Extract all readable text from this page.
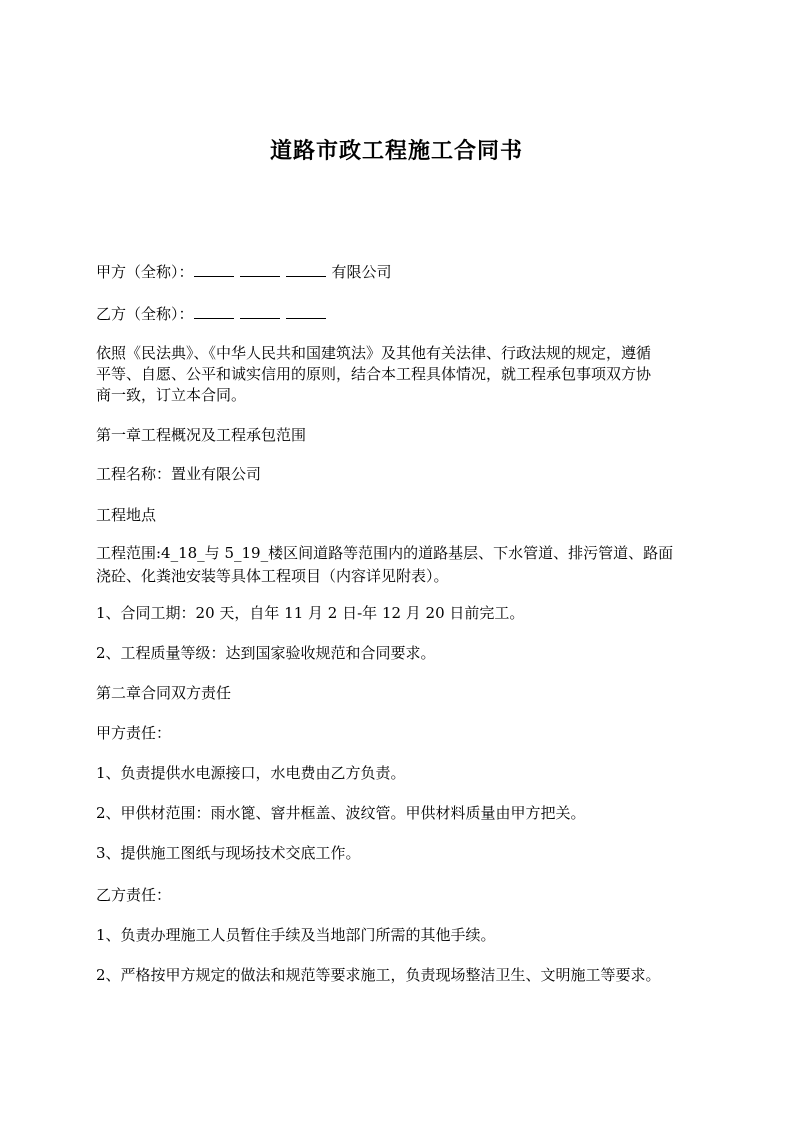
道路市政工程施工合同书
甲方（全称）：	有限公司
乙方（全称）：
依照《民法典》、《中华人民共和国建筑法》及其他有关法律、行政法规的规定，遵循
平等、自愿、公平和诚实信用的原则，结合本工程具体情况，就工程承包事项双方协
商一致，订立本合同。
第一章工程概况及工程承包范围
工程名称：置业有限公司
工程地点
工程范围:4_18_与 5_19_楼区间道路等范围内的道路基层、下水管道、排污管道、路面
浇砼、化粪池安装等具体工程项目（内容详见附表）。
1、合同工期：20 天，自年 11 月 2 日-年 12 月 20 日前完工。
2、工程质量等级：达到国家验收规范和合同要求。
第二章合同双方责任
甲方责任：
1、负责提供水电源接口，水电费由乙方负责。
2、甲供材范围：雨水篦、窨井框盖、波纹管。甲供材料质量由甲方把关。
3、提供施工图纸与现场技术交底工作。
乙方责任：
1、负责办理施工人员暂住手续及当地部门所需的其他手续。
2、严格按甲方规定的做法和规范等要求施工，负责现场整洁卫生、文明施工等要求。
